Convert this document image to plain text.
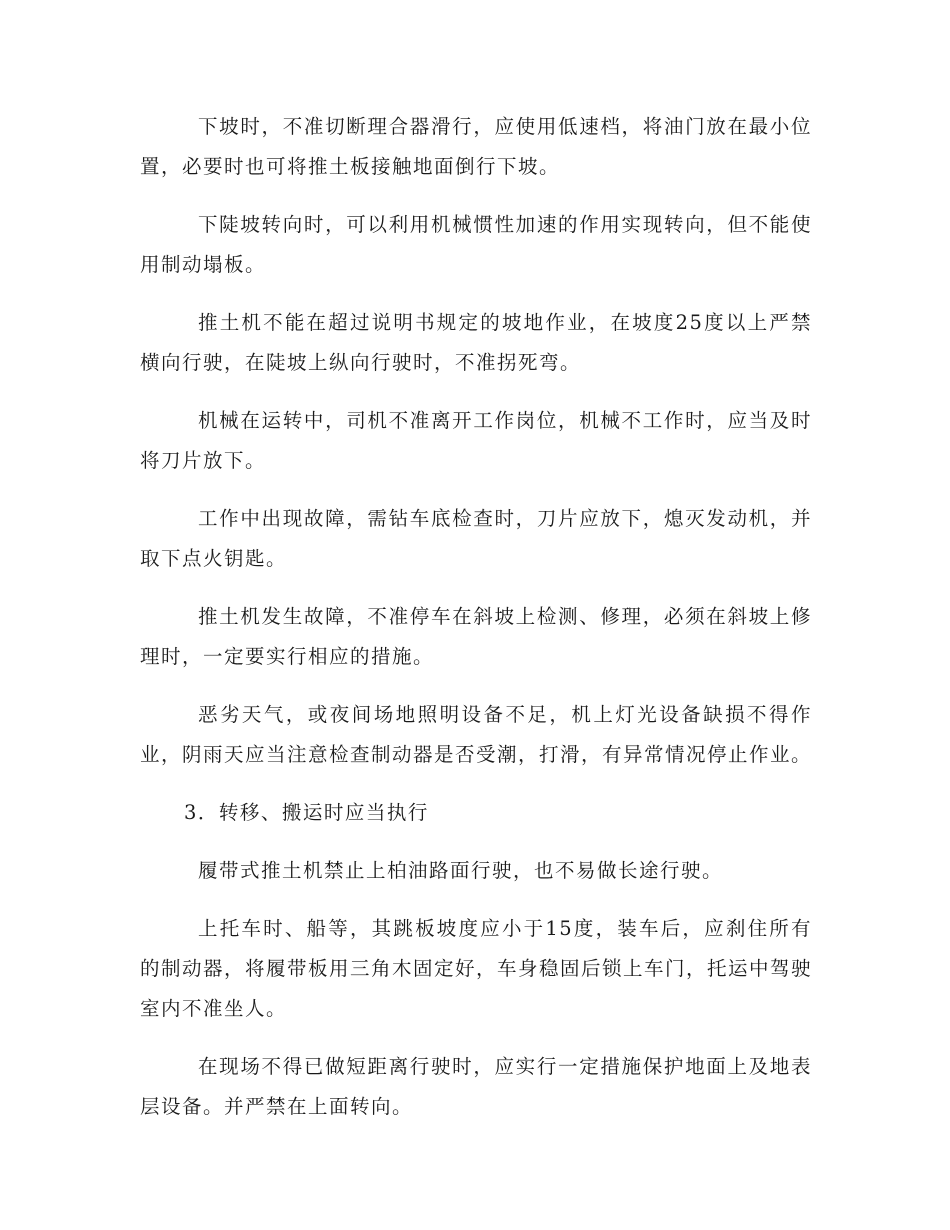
下坡时，不准切断理合器滑行，应使用低速档，将油门放在最小位置，必要时也可将推土板接触地面倒行下坡。

下陡坡转向时，可以利用机械惯性加速的作用实现转向，但不能使用制动塌板。

推土机不能在超过说明书规定的坡地作业，在坡度25度以上严禁横向行驶，在陡坡上纵向行驶时，不准拐死弯。

机械在运转中，司机不准离开工作岗位，机械不工作时，应当及时将刀片放下。

工作中出现故障，需钻车底检查时，刀片应放下，熄灭发动机，并取下点火钥匙。

推土机发生故障，不准停车在斜坡上检测、修理，必须在斜坡上修理时，一定要实行相应的措施。

恶劣天气，或夜间场地照明设备不足，机上灯光设备缺损不得作业，阴雨天应当注意检查制动器是否受潮，打滑，有异常情况停止作业。

3．转移、搬运时应当执行

履带式推土机禁止上柏油路面行驶，也不易做长途行驶。

上托车时、船等，其跳板坡度应小于15度，装车后，应刹住所有的制动器，将履带板用三角木固定好，车身稳固后锁上车门，托运中驾驶室内不准坐人。

在现场不得已做短距离行驶时，应实行一定措施保护地面上及地表层设备。并严禁在上面转向。
